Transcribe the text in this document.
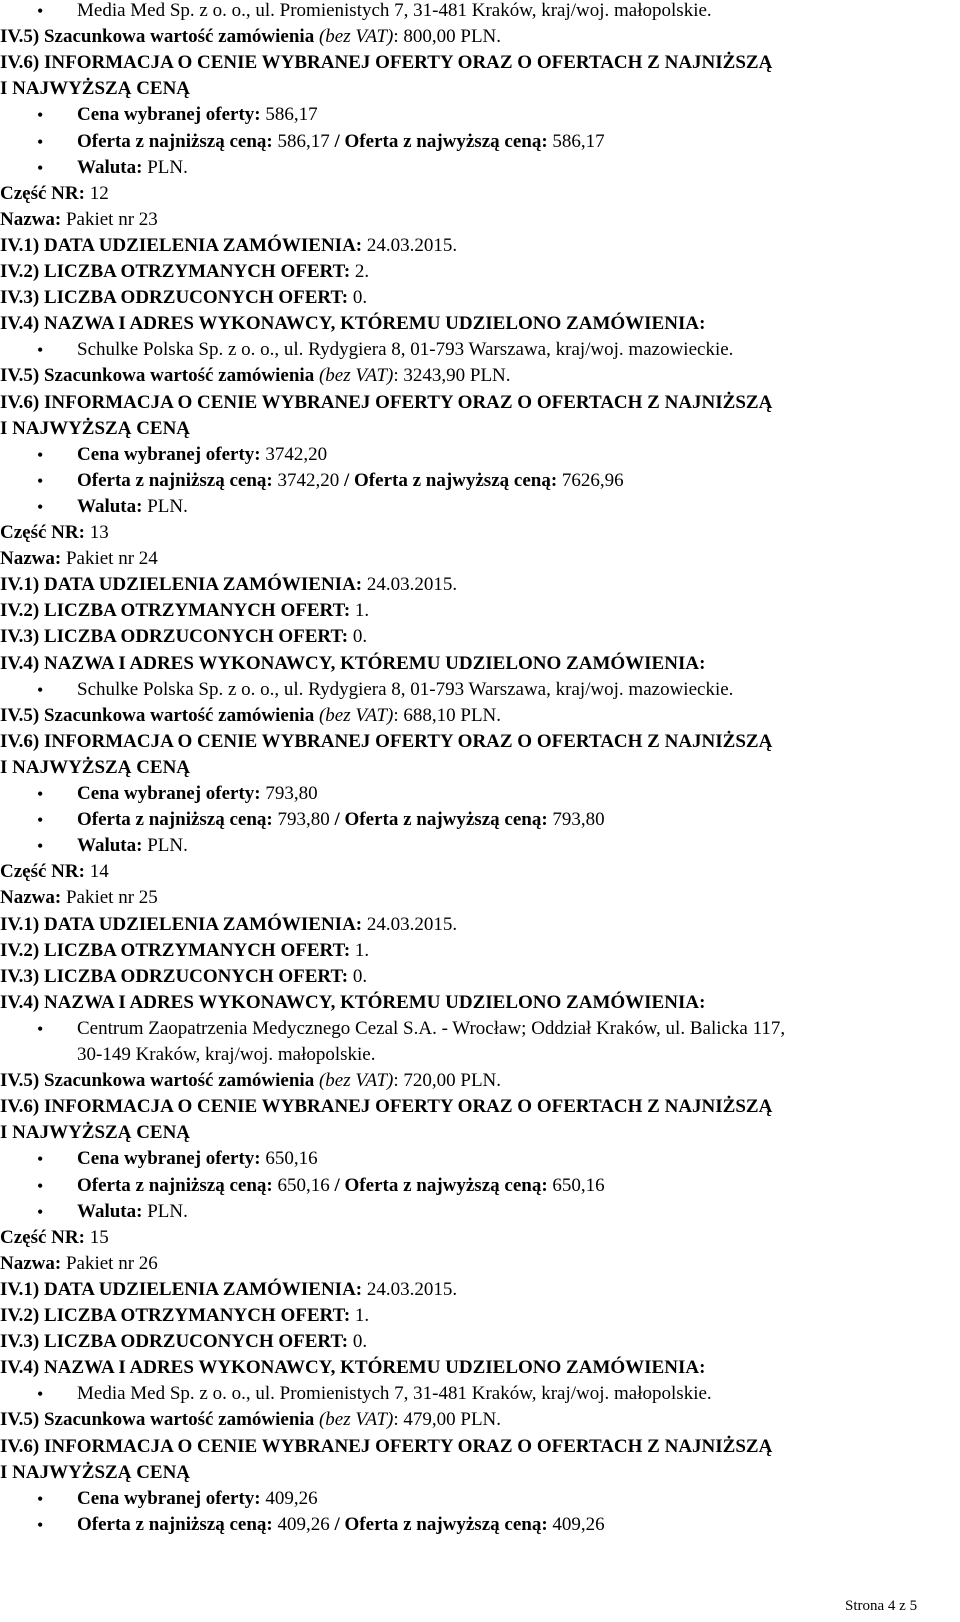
• Media Med Sp. z o. o., ul. Promienistych 7, 31-481 Kraków, kraj/woj. małopolskie.
IV.5) Szacunkowa wartość zamówienia (bez VAT): 800,00 PLN.
IV.6) INFORMACJA O CENIE WYBRANEJ OFERTY ORAZ O OFERTACH Z NAJNIŻSZĄ
I NAJWYŻSZĄ CENĄ
• Cena wybranej oferty: 586,17
• Oferta z najniższą ceną: 586,17 / Oferta z najwyższą ceną: 586,17
• Waluta: PLN.
Część NR: 12
Nazwa: Pakiet nr 23
IV.1) DATA UDZIELENIA ZAMÓWIENIA: 24.03.2015.
IV.2) LICZBA OTRZYMANYCH OFERT: 2.
IV.3) LICZBA ODRZUCONYCH OFERT: 0.
IV.4) NAZWA I ADRES WYKONAWCY, KTÓREMU UDZIELONO ZAMÓWIENIA:
• Schulke Polska Sp. z o. o., ul. Rydygiera 8, 01-793 Warszawa, kraj/woj. mazowieckie.
IV.5) Szacunkowa wartość zamówienia (bez VAT): 3243,90 PLN.
IV.6) INFORMACJA O CENIE WYBRANEJ OFERTY ORAZ O OFERTACH Z NAJNIŻSZĄ
I NAJWYŻSZĄ CENĄ
• Cena wybranej oferty: 3742,20
• Oferta z najniższą ceną: 3742,20 / Oferta z najwyższą ceną: 7626,96
• Waluta: PLN.
Część NR: 13
Nazwa: Pakiet nr 24
IV.1) DATA UDZIELENIA ZAMÓWIENIA: 24.03.2015.
IV.2) LICZBA OTRZYMANYCH OFERT: 1.
IV.3) LICZBA ODRZUCONYCH OFERT: 0.
IV.4) NAZWA I ADRES WYKONAWCY, KTÓREMU UDZIELONO ZAMÓWIENIA:
• Schulke Polska Sp. z o. o., ul. Rydygiera 8, 01-793 Warszawa, kraj/woj. mazowieckie.
IV.5) Szacunkowa wartość zamówienia (bez VAT): 688,10 PLN.
IV.6) INFORMACJA O CENIE WYBRANEJ OFERTY ORAZ O OFERTACH Z NAJNIŻSZĄ
I NAJWYŻSZĄ CENĄ
• Cena wybranej oferty: 793,80
• Oferta z najniższą ceną: 793,80 / Oferta z najwyższą ceną: 793,80
• Waluta: PLN.
Część NR: 14
Nazwa: Pakiet nr 25
IV.1) DATA UDZIELENIA ZAMÓWIENIA: 24.03.2015.
IV.2) LICZBA OTRZYMANYCH OFERT: 1.
IV.3) LICZBA ODRZUCONYCH OFERT: 0.
IV.4) NAZWA I ADRES WYKONAWCY, KTÓREMU UDZIELONO ZAMÓWIENIA:
• Centrum Zaopatrzenia Medycznego Cezal S.A. - Wrocław; Oddział Kraków, ul. Balicka 117,
30-149 Kraków, kraj/woj. małopolskie.
IV.5) Szacunkowa wartość zamówienia (bez VAT): 720,00 PLN.
IV.6) INFORMACJA O CENIE WYBRANEJ OFERTY ORAZ O OFERTACH Z NAJNIŻSZĄ
I NAJWYŻSZĄ CENĄ
• Cena wybranej oferty: 650,16
• Oferta z najniższą ceną: 650,16 / Oferta z najwyższą ceną: 650,16
• Waluta: PLN.
Część NR: 15
Nazwa: Pakiet nr 26
IV.1) DATA UDZIELENIA ZAMÓWIENIA: 24.03.2015.
IV.2) LICZBA OTRZYMANYCH OFERT: 1.
IV.3) LICZBA ODRZUCONYCH OFERT: 0.
IV.4) NAZWA I ADRES WYKONAWCY, KTÓREMU UDZIELONO ZAMÓWIENIA:
• Media Med Sp. z o. o., ul. Promienistych 7, 31-481 Kraków, kraj/woj. małopolskie.
IV.5) Szacunkowa wartość zamówienia (bez VAT): 479,00 PLN.
IV.6) INFORMACJA O CENIE WYBRANEJ OFERTY ORAZ O OFERTACH Z NAJNIŻSZĄ
I NAJWYŻSZĄ CENĄ
• Cena wybranej oferty: 409,26
• Oferta z najniższą ceną: 409,26 / Oferta z najwyższą ceną: 409,26
Strona 4 z 5
